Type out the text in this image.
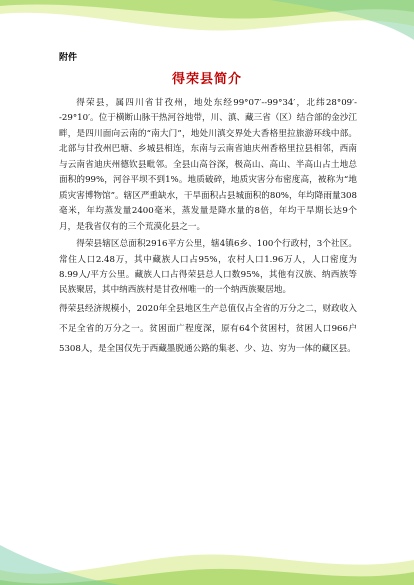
附件
得荣县简介

得荣县，属四川省甘孜州，地处东经99°07′--99°34′，北纬28°09′--29°10′。位于横断山脉干热河谷地带，川、滇、藏三省（区）结合部的金沙江畔，是四川面向云南的“南大门”，地处川滇交界处大香格里拉旅游环线中部。北部与甘孜州巴塘、乡城县相连，东南与云南省迪庆州香格里拉县相邻，西南与云南省迪庆州德钦县毗邻。全县山高谷深，极高山、高山、半高山占土地总面积的99%，河谷平坝不到1%。地质破碎，地质灾害分布密度高，被称为“地质灾害博物馆”。辖区严重缺水，干旱面积占县城面积的80%，年均降雨量308毫米，年均蒸发量2400毫米，蒸发量是降水量的8倍，年均干旱期长达9个月，是我省仅有的三个荒漠化县之一。

得荣县辖区总面积2916平方公里，辖4镇6乡、100个行政村，3个社区。常住人口2.48万，其中藏族人口占95%，农村人口1.96万人，人口密度为8.99人/平方公里。藏族人口占得荣县总人口数95%，其他有汉族、纳西族等民族聚居，其中纳西族村是甘孜州唯一的一个纳西族聚居地。

得荣县经济规模小，2020年全县地区生产总值仅占全省的万分之二，财政收入不足全省的万分之一。贫困面广程度深，原有64个贫困村，贫困人口966户5308人，是全国仅先于西藏墨脱通公路的集老、少、边、穷为一体的藏区县。
